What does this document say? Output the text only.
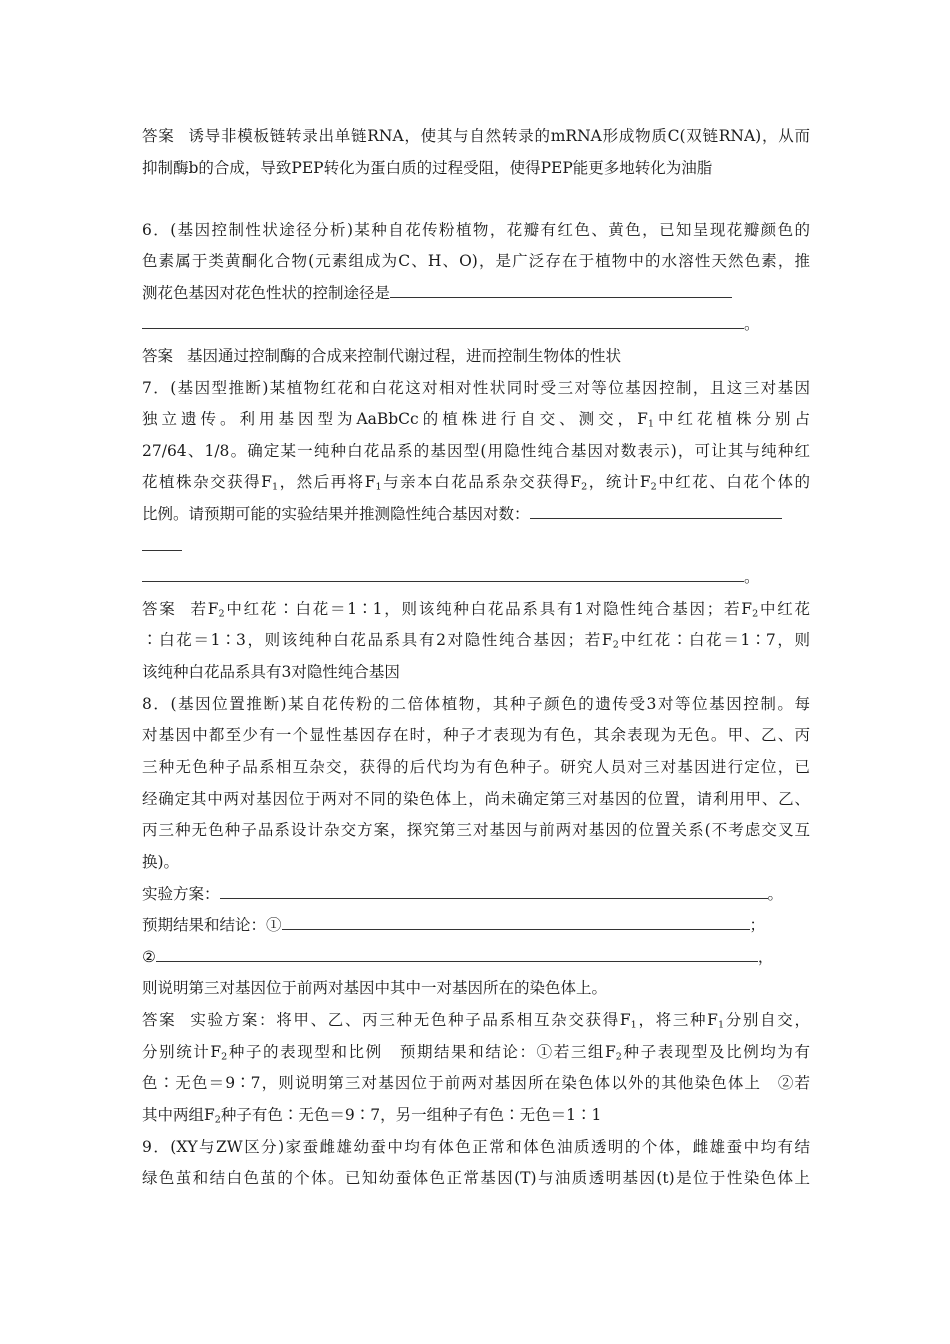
答案 诱导非模板链转录出单链RNA，使其与自然转录的mRNA形成物质C(双链RNA)，从而
抑制酶b的合成，导致PEP转化为蛋白质的过程受阻，使得PEP能更多地转化为油脂
6．(基因控制性状途径分析)某种自花传粉植物，花瓣有红色、黄色，已知呈现花瓣颜色的
色素属于类黄酮化合物(元素组成为C、H、O)，是广泛存在于植物中的水溶性天然色素，推
测花色基因对花色性状的控制途径是
。
答案 基因通过控制酶的合成来控制代谢过程，进而控制生物体的性状
7．(基因型推断)某植物红花和白花这对相对性状同时受三对等位基因控制，且这三对基因
独立遗传。利用基因型为AaBbCc的植株进行自交、测交，$F_1$中红花植株分别占
27/64、1/8。确定某一纯种白花品系的基因型(用隐性纯合基因对数表示)，可让其与纯种红
花植株杂交获得$F_1$，然后再将$F_1$与亲本白花品系杂交获得$F_2$，统计$F_2$中红花、白花个体的
比例。请预期可能的实验结果并推测隐性纯合基因对数：
。
答案 若$F_2$中红花∶白花＝1∶1，则该纯种白花品系具有1对隐性纯合基因；若$F_2$中红花
∶白花＝1∶3，则该纯种白花品系具有2对隐性纯合基因；若$F_2$中红花∶白花＝1∶7，则
该纯种白花品系具有3对隐性纯合基因
8．(基因位置推断)某自花传粉的二倍体植物，其种子颜色的遗传受3对等位基因控制。每
对基因中都至少有一个显性基因存在时，种子才表现为有色，其余表现为无色。甲、乙、丙
三种无色种子品系相互杂交，获得的后代均为有色种子。研究人员对三对基因进行定位，已
经确定其中两对基因位于两对不同的染色体上，尚未确定第三对基因的位置，请利用甲、乙、
丙三种无色种子品系设计杂交方案，探究第三对基因与前两对基因的位置关系(不考虑交叉互
换)。
实验方案：	。
预期结果和结论：①	；
②	，
则说明第三对基因位于前两对基因中其中一对基因所在的染色体上。
答案 实验方案：将甲、乙、丙三种无色种子品系相互杂交获得$F_1$，将三种$F_1$分别自交，
分别统计$F_2$种子的表现型和比例　预期结果和结论：①若三组$F_2$种子表现型及比例均为有
色∶无色＝9∶7，则说明第三对基因位于前两对基因所在染色体以外的其他染色体上　②若
其中两组$F_2$种子有色∶无色＝9∶7，另一组种子有色∶无色＝1∶1
9．(XY与ZW区分)家蚕雌雄幼蚕中均有体色正常和体色油质透明的个体，雌雄蚕中均有结
绿色茧和结白色茧的个体。已知幼蚕体色正常基因(T)与油质透明基因(t)是位于性染色体上
